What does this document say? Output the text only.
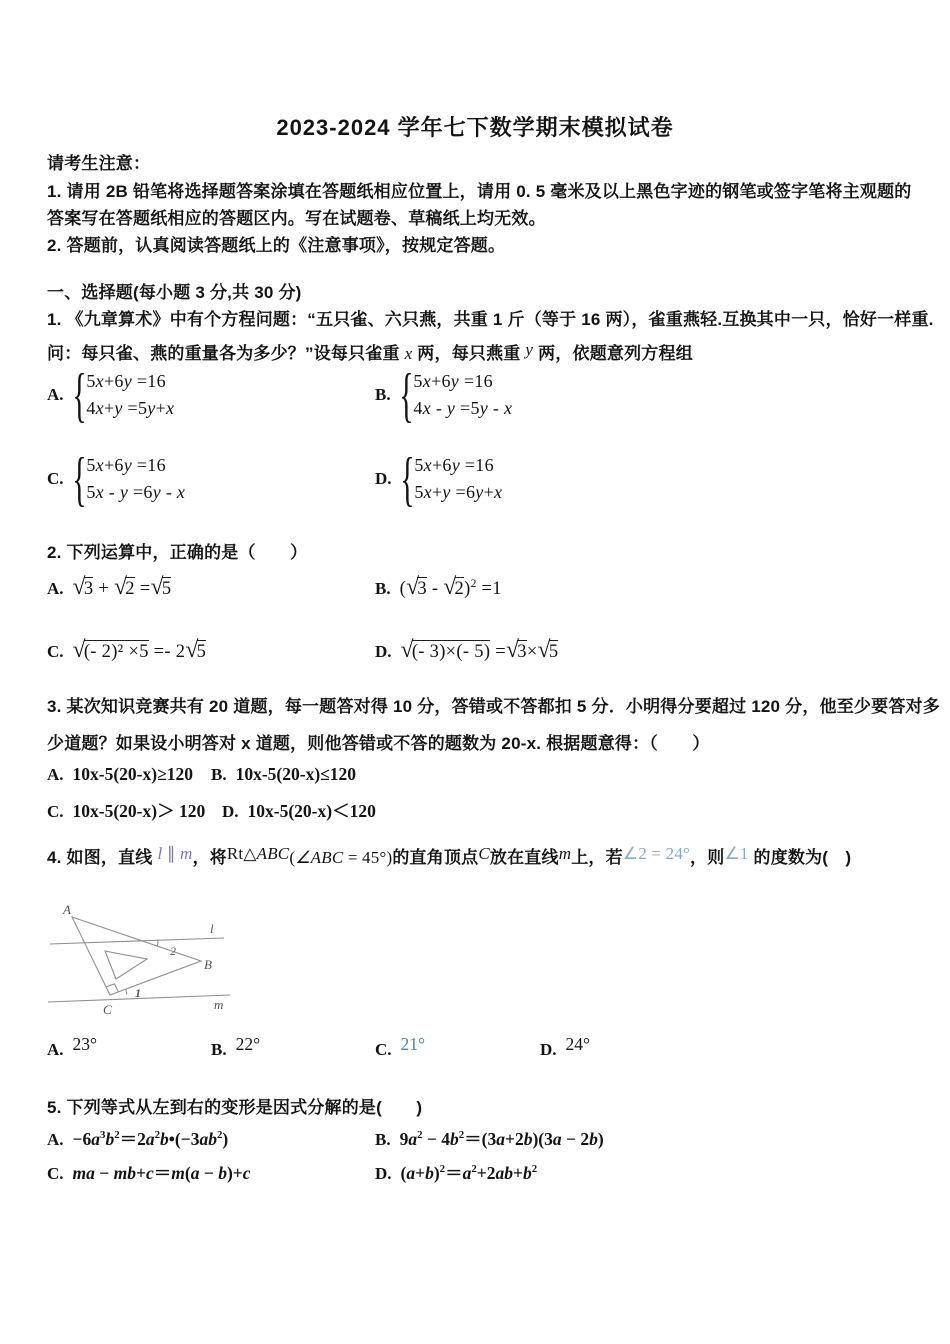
2023-2024 学年七下数学期末模拟试卷
请考生注意：
1. 请用 2B 铅笔将选择题答案涂填在答题纸相应位置上，请用 0. 5 毫米及以上黑色字迹的钢笔或签字笔将主观题的
答案写在答题纸相应的答题区内。写在试题卷、草稿纸上均无效。
2. 答题前，认真阅读答题纸上的《注意事项》，按规定答题。
一、选择题(每小题 3 分,共 30 分)
1. 《九章算术》中有个方程问题：“五只雀、六只燕，共重 1 斤（等于 16 两），雀重燕轻.互换其中一只，恰好一样重.
问：每只雀、燕的重量各为多少？”设每只雀重 x 两，每只燕重 y 两，依题意列方程组
A. { 5x+6y =16
4x+y =5y+x
B. { 5x+6y =16
4x - y =5y - x
C. { 5x+6y =16
5x - y =6y - x
D. { 5x+6y =16
5x+y =6y+x
2. 下列运算中，正确的是（　　）
A. √3 + √2 =√5	B. (√3 - √2)$^2$ =1
C. √(- 2)² ×5 =- 2√5	D. √(- 3)×(- 5) =√3×√5
3. 某次知识竞赛共有 20 道题，每一题答对得 10 分，答错或不答都扣 5 分．小明得分要超过 120 分，他至少要答对多
少道题？如果设小明答对 x 道题，则他答错或不答的题数为 20-x. 根据题意得：（　　）
A. 10x-5(20-x)≥120 B. 10x-5(20-x)≤120
C. 10x-5(20-x)＞ 120 D. 10x-5(20-x)＜120
4. 如图，直线 l ∥ m，将Rt△ABC(∠ABC = 45°)的直角顶点C放在直线m上，若∠2 = 24°，则∠1 的度数为(　)
A
B
C
l
m
2
1
A. 23°	B. 22°	C. 21°	D. 24°
5. 下列等式从左到右的变形是因式分解的是(　　)
A. $-6a^3b^2=2a^2b•(-3ab^2)$	B. $9a^2 - 4b^2=(3a+2b)(3a - 2b)$
C. ma − mb+c＝m(a − b)+c	D. $(a+b)^2=a^2+2ab+b^2$
